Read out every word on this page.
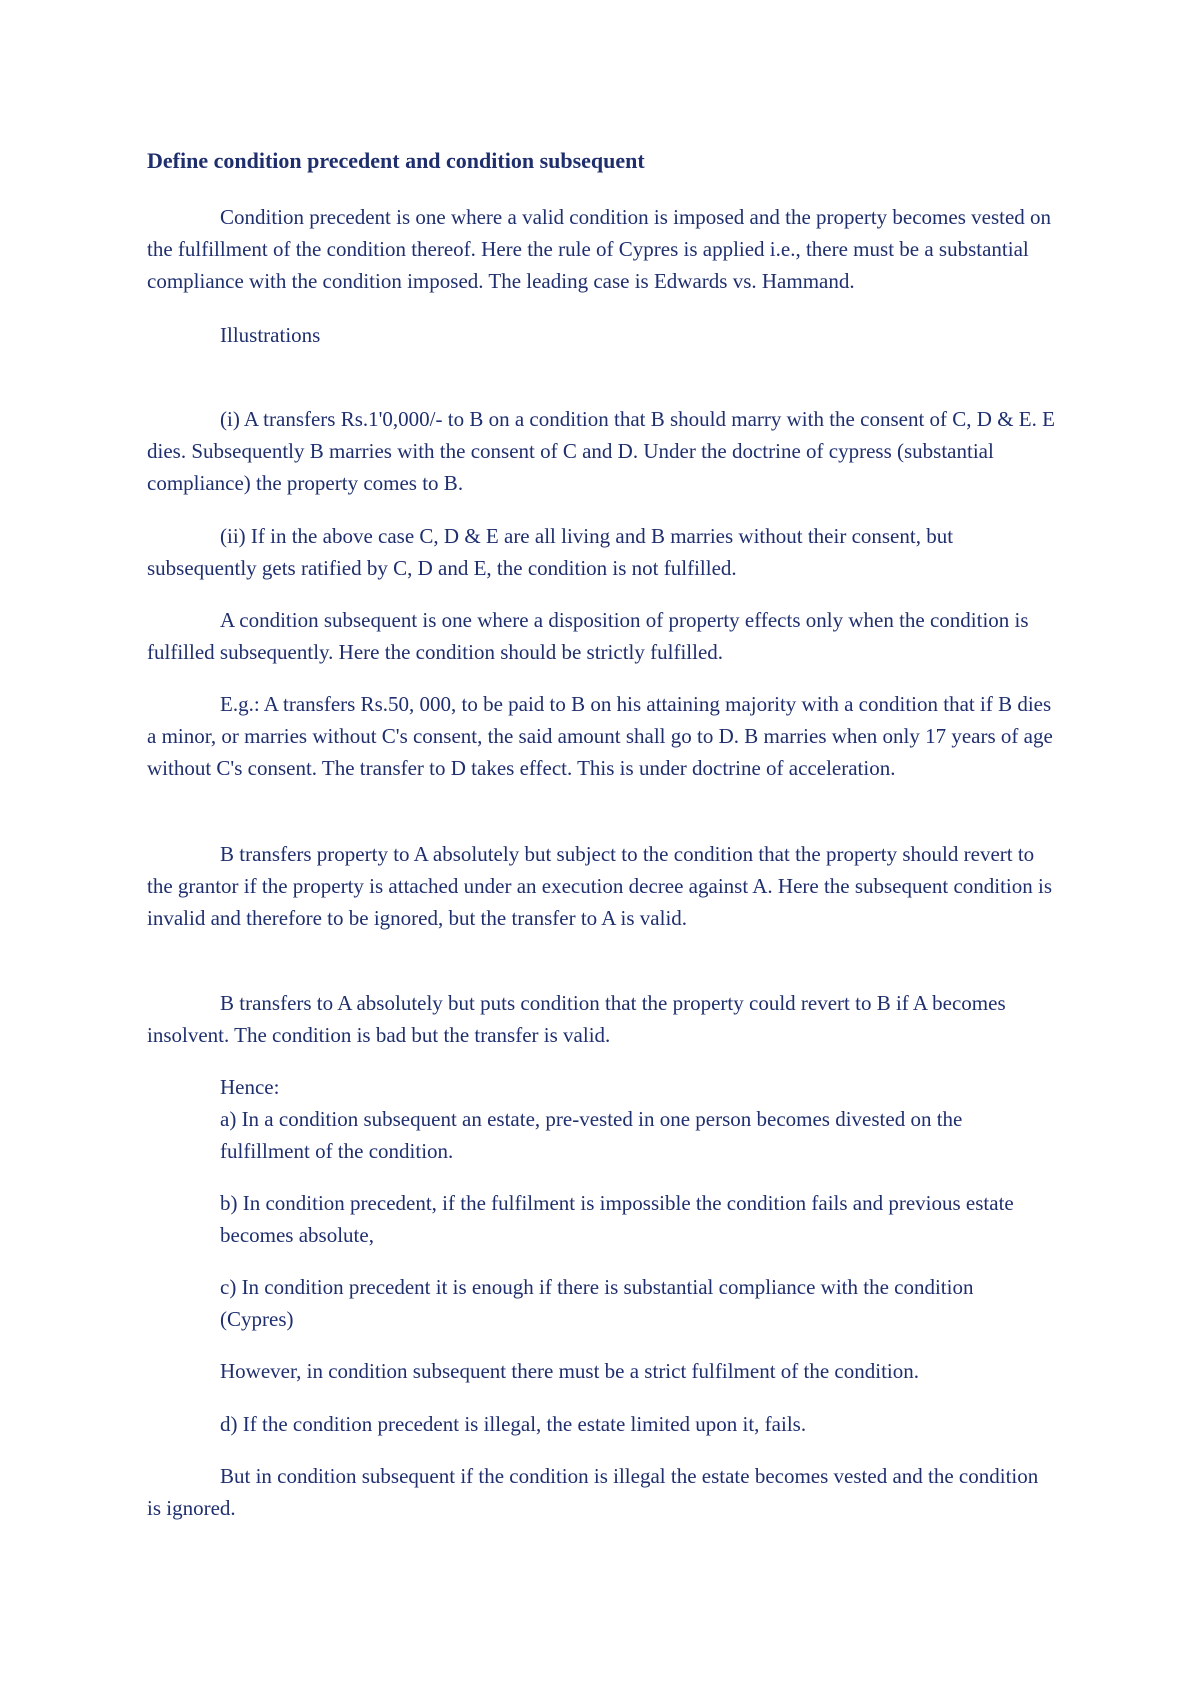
Define condition precedent and condition subsequent

Condition precedent is one where a valid condition is imposed and the property becomes vested on the fulfillment of the condition thereof. Here the rule of Cypres is applied i.e., there must be a substantial compliance with the condition imposed. The leading case is Edwards vs. Hammand.

Illustrations

(i) A transfers Rs.1'0,000/- to B on a condition that B should marry with the consent of C, D & E. E dies. Subsequently B marries with the consent of C and D. Under the doctrine of cypress (substantial compliance) the property comes to B.

(ii) If in the above case C, D & E are all living and B marries without their consent, but subsequently gets ratified by C, D and E, the condition is not fulfilled.

A condition subsequent is one where a disposition of property effects only when the condition is fulfilled subsequently. Here the condition should be strictly fulfilled.

E.g.: A transfers Rs.50, 000, to be paid to B on his attaining majority with a condition that if B dies a minor, or marries without C's consent, the said amount shall go to D. B marries when only 17 years of age without C's consent. The transfer to D takes effect. This is under doctrine of acceleration.

B transfers property to A absolutely but subject to the condition that the property should revert to the grantor if the property is attached under an execution decree against A. Here the subsequent condition is invalid and therefore to be ignored, but the transfer to A is valid.

B transfers to A absolutely but puts condition that the property could revert to B if A becomes insolvent. The condition is bad but the transfer is valid.

Hence:

a) In a condition subsequent an estate, pre-vested in one person becomes divested on the fulfillment of the condition.

b) In condition precedent, if the fulfilment is impossible the condition fails and previous estate becomes absolute,

c) In condition precedent it is enough if there is substantial compliance with the condition (Cypres)

However, in condition subsequent there must be a strict fulfilment of the condition.

d) If the condition precedent is illegal, the estate limited upon it, fails.

But in condition subsequent if the condition is illegal the estate becomes vested and the condition is ignored.
